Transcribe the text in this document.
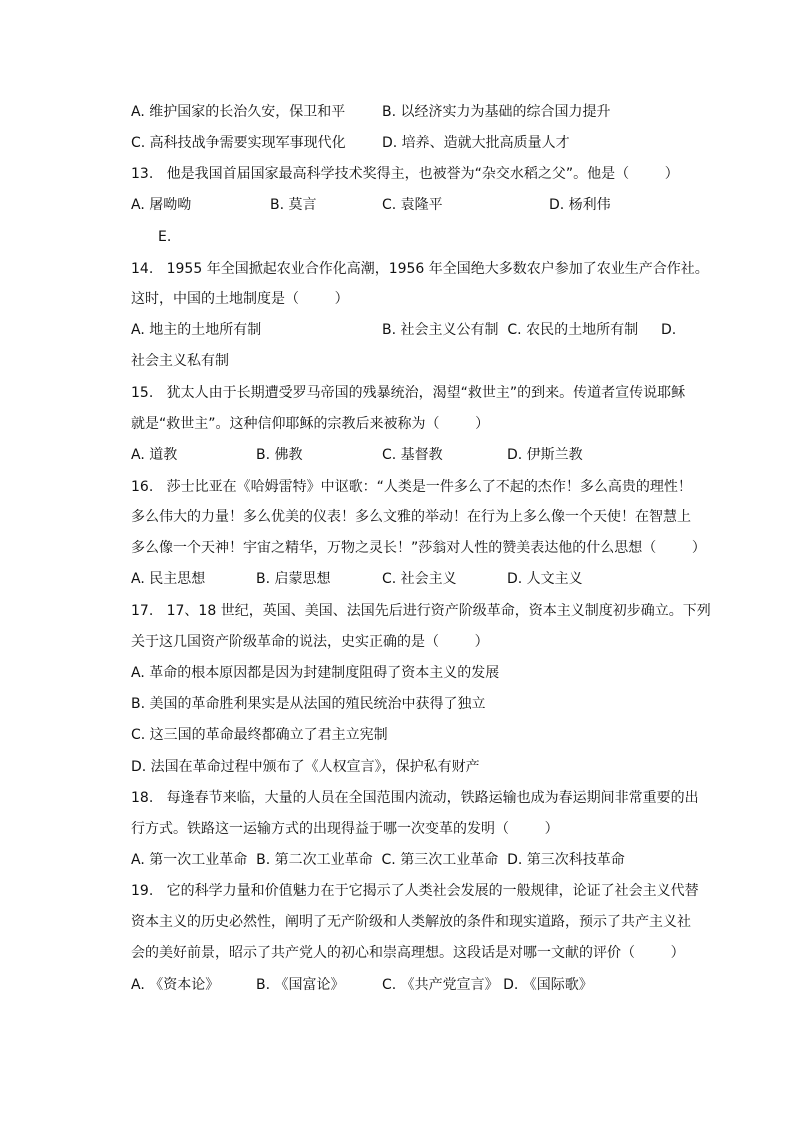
A. 维护国家的长治久安，保卫和平	B. 以经济实力为基础的综合国力提升
C. 高科技战争需要实现军事现代化	D. 培养、造就大批高质量人才
13.   他是我国首届国家最高科学技术奖得主，也被誉为“杂交水稻之父”。他是（        ）
A. 屠呦呦	B. 莫言	C. 袁隆平	D. 杨利伟
E.
14.   1955 年全国掀起农业合作化高潮，1956 年全国绝大多数农户参加了农业生产合作社。
这时，中国的土地制度是（        ）
A. 地主的土地所有制	B. 社会主义公有制  C. 农民的土地所有制 D.
社会主义私有制
15.   犹太人由于长期遭受罗马帝国的残暴统治，渴望“救世主”的到来。传道者宣传说耶稣
就是“救世主”。这种信仰耶稣的宗教后来被称为（        ）
A. 道教	B. 佛教	C. 基督教	D. 伊斯兰教
16.   莎士比亚在《哈姆雷特》中讴歌：“人类是一件多么了不起的杰作！多么高贵的理性！
多么伟大的力量！多么优美的仪表！多么文雅的举动！在行为上多么像一个天使！在智慧上
多么像一个天神！宇宙之精华，万物之灵长！”莎翁对人性的赞美表达他的什么思想（        ）
A. 民主思想	B. 启蒙思想	C. 社会主义	D. 人文主义
17.   17、18 世纪，英国、美国、法国先后进行资产阶级革命，资本主义制度初步确立。下列
关于这几国资产阶级革命的说法，史实正确的是（        ）
A. 革命的根本原因都是因为封建制度阻碍了资本主义的发展
B. 美国的革命胜利果实是从法国的殖民统治中获得了独立
C. 这三国的革命最终都确立了君主立宪制
D. 法国在革命过程中颁布了《人权宣言》，保护私有财产
18.   每逢春节来临，大量的人员在全国范围内流动，铁路运输也成为春运期间非常重要的出
行方式。铁路这一运输方式的出现得益于哪一次变革的发明（        ）
A. 第一次工业革命  B. 第二次工业革命  C. 第三次工业革命  D. 第三次科技革命
19.   它的科学力量和价值魅力在于它揭示了人类社会发展的一般规律，论证了社会主义代替
资本主义的历史必然性，阐明了无产阶级和人类解放的条件和现实道路，预示了共产主义社
会的美好前景，昭示了共产党人的初心和崇高理想。这段话是对哪一文献的评价（        ）
A. 《资本论》	B. 《国富论》	C. 《共产党宣言》 D. 《国际歌》
